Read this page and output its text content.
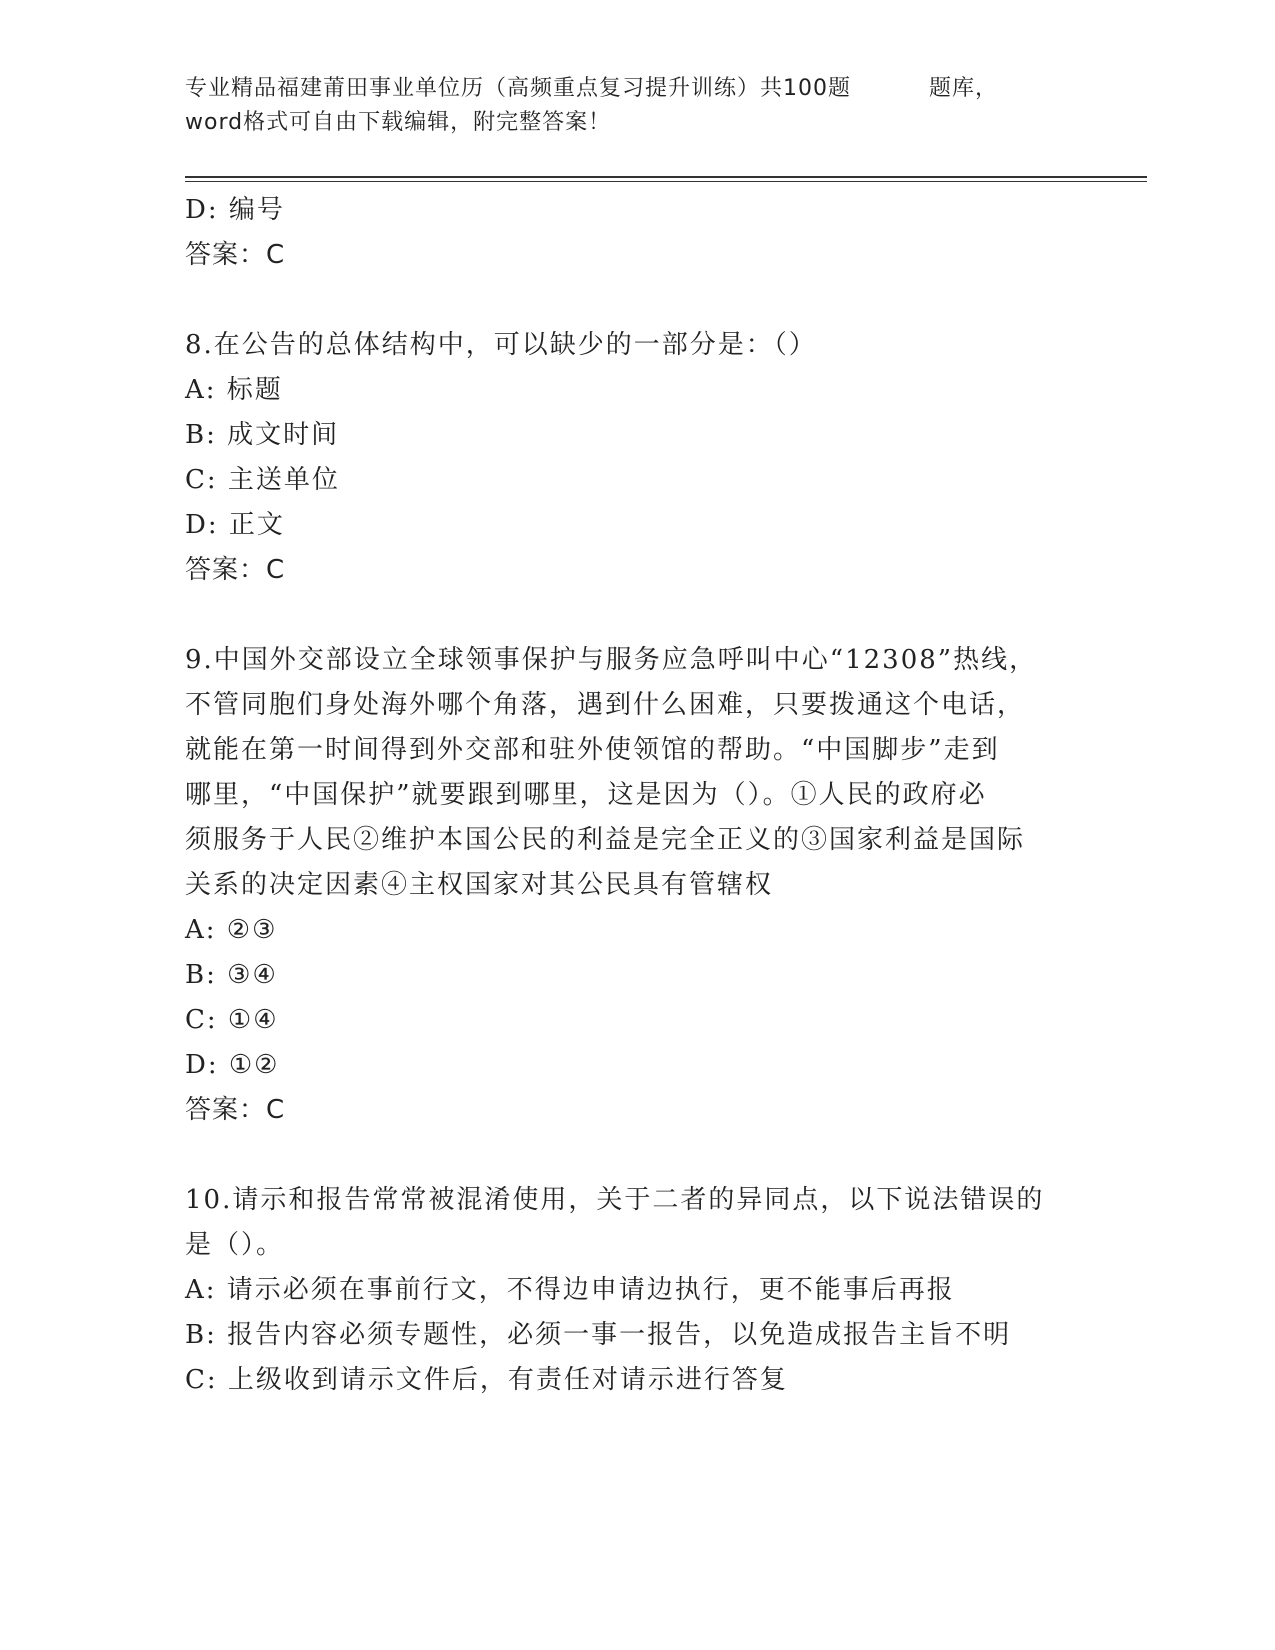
专业精品福建莆田事业单位历（高频重点复习提升训练）共100题	题库，
word格式可自由下载编辑，附完整答案！
D: 编号
答案：C
8.在公告的总体结构中，可以缺少的一部分是：（）
A: 标题
B: 成文时间
C: 主送单位
D: 正文
答案：C
9.中国外交部设立全球领事保护与服务应急呼叫中心“12308”热线，
不管同胞们身处海外哪个角落，遇到什么困难，只要拨通这个电话，
就能在第一时间得到外交部和驻外使领馆的帮助。“中国脚步”走到
哪里，“中国保护”就要跟到哪里，这是因为（）。①人民的政府必
须服务于人民②维护本国公民的利益是完全正义的③国家利益是国际
关系的决定因素④主权国家对其公民具有管辖权
A: ②③
B: ③④
C: ①④
D: ①②
答案：C
10.请示和报告常常被混淆使用，关于二者的异同点，以下说法错误的
是（）。
A: 请示必须在事前行文，不得边申请边执行，更不能事后再报
B: 报告内容必须专题性，必须一事一报告，以免造成报告主旨不明
C: 上级收到请示文件后，有责任对请示进行答复
